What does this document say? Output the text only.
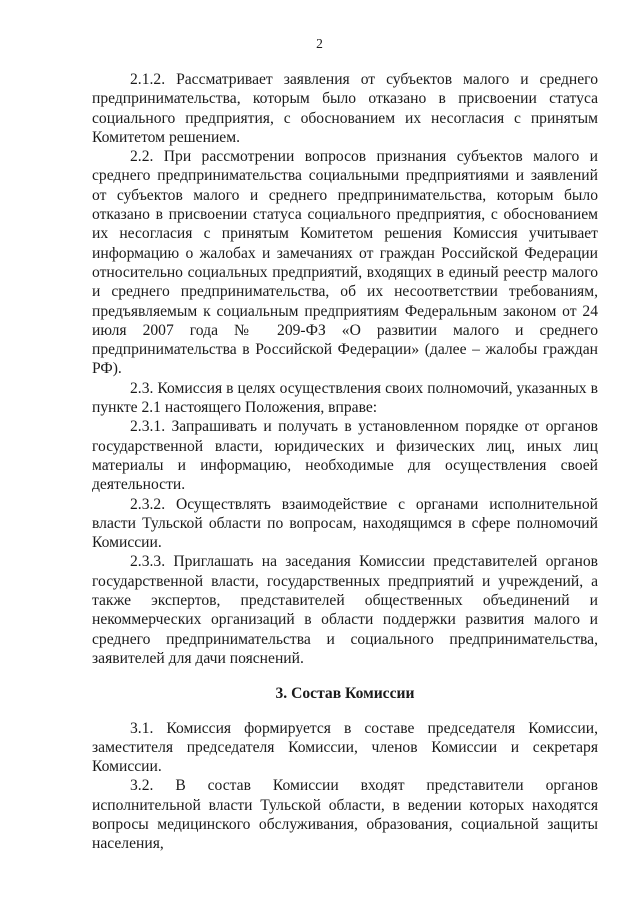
2

2.1.2. Рассматривает заявления от субъектов малого и среднего предпринимательства, которым было отказано в присвоении статуса социального предприятия, с обоснованием их несогласия с принятым Комитетом решением.

2.2. При рассмотрении вопросов признания субъектов малого и среднего предпринимательства социальными предприятиями и заявлений от субъектов малого и среднего предпринимательства, которым было отказано в присвоении статуса социального предприятия, с обоснованием их несогласия с принятым Комитетом решения Комиссия учитывает информацию о жалобах и замечаниях от граждан Российской Федерации относительно социальных предприятий, входящих в единый реестр малого и среднего предпринимательства, об их несоответствии требованиям, предъявляемым к социальным предприятиям Федеральным законом от 24 июля 2007 года № 209-ФЗ «О развитии малого и среднего предпринимательства в Российской Федерации» (далее – жалобы граждан РФ).

2.3. Комиссия в целях осуществления своих полномочий, указанных в пункте 2.1 настоящего Положения, вправе:

2.3.1. Запрашивать и получать в установленном порядке от органов государственной власти, юридических и физических лиц, иных лиц материалы и информацию, необходимые для осуществления своей деятельности.

2.3.2. Осуществлять взаимодействие с органами исполнительной власти Тульской области по вопросам, находящимся в сфере полномочий Комиссии.

2.3.3. Приглашать на заседания Комиссии представителей органов государственной власти, государственных предприятий и учреждений, а также экспертов, представителей общественных объединений и некоммерческих организаций в области поддержки развития малого и среднего предпринимательства и социального предпринимательства, заявителей для дачи пояснений.

3. Состав Комиссии

3.1. Комиссия формируется в составе председателя Комиссии, заместителя председателя Комиссии, членов Комиссии и секретаря Комиссии.

3.2. В состав Комиссии входят представители органов исполнительной власти Тульской области, в ведении которых находятся вопросы медицинского обслуживания, образования, социальной защиты населения,
